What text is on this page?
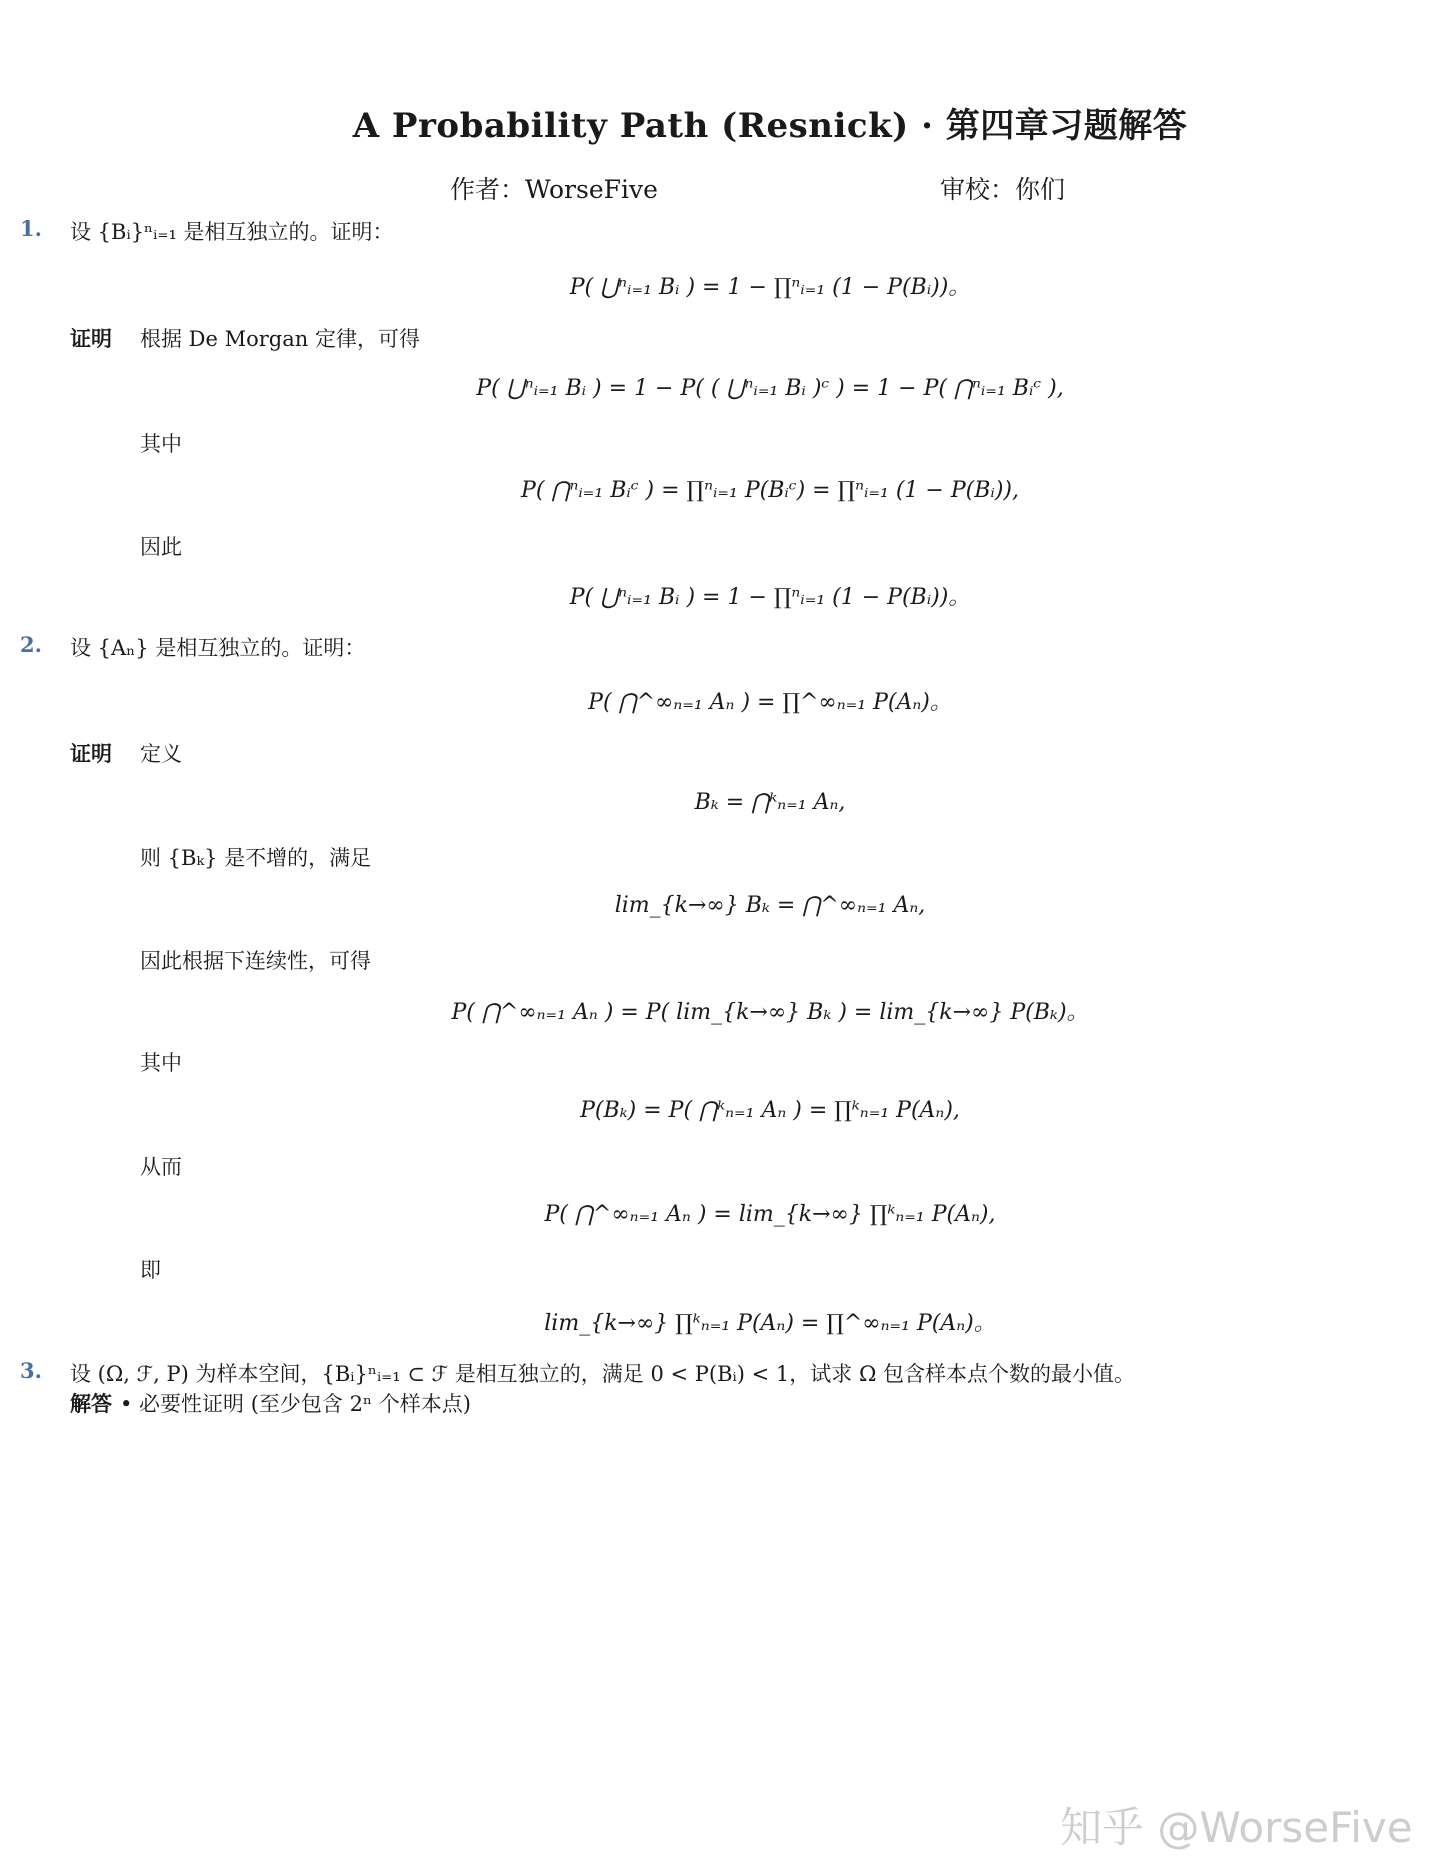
A Probability Path (Resnick) · 第四章习题解答
作者：WorseFive	审校：你们
1. 设 {Bᵢ}ⁿᵢ₌₁ 是相互独立的。证明：
P( ⋃ⁿᵢ₌₁ Bᵢ ) = 1 − ∏ⁿᵢ₌₁ (1 − P(Bᵢ))。
证明 根据 De Morgan 定律，可得
P( ⋃ⁿᵢ₌₁ Bᵢ ) = 1 − P( ( ⋃ⁿᵢ₌₁ Bᵢ )ᶜ ) = 1 − P( ⋂ⁿᵢ₌₁ Bᵢᶜ ),
其中
P( ⋂ⁿᵢ₌₁ Bᵢᶜ ) = ∏ⁿᵢ₌₁ P(Bᵢᶜ) = ∏ⁿᵢ₌₁ (1 − P(Bᵢ)),
因此
P( ⋃ⁿᵢ₌₁ Bᵢ ) = 1 − ∏ⁿᵢ₌₁ (1 − P(Bᵢ))。
2. 设 {Aₙ} 是相互独立的。证明：
P( ⋂^∞ₙ₌₁ Aₙ ) = ∏^∞ₙ₌₁ P(Aₙ)。
证明 定义
Bₖ = ⋂ᵏₙ₌₁ Aₙ,
则 {Bₖ} 是不增的，满足
lim_{k→∞} Bₖ = ⋂^∞ₙ₌₁ Aₙ,
因此根据下连续性，可得
P( ⋂^∞ₙ₌₁ Aₙ ) = P( lim_{k→∞} Bₖ ) = lim_{k→∞} P(Bₖ)。
其中
P(Bₖ) = P( ⋂ᵏₙ₌₁ Aₙ ) = ∏ᵏₙ₌₁ P(Aₙ),
从而
P( ⋂^∞ₙ₌₁ Aₙ ) = lim_{k→∞} ∏ᵏₙ₌₁ P(Aₙ),
即
lim_{k→∞} ∏ᵏₙ₌₁ P(Aₙ) = ∏^∞ₙ₌₁ P(Aₙ)。
3. 设 (Ω, ℱ, P) 为样本空间，{Bᵢ}ⁿᵢ₌₁ ⊂ ℱ 是相互独立的，满足 0 < P(Bᵢ) < 1，试求 Ω 包含样本点个数的最小值。
解答 • 必要性证明 (至少包含 2ⁿ 个样本点)
知乎 @WorseFive
